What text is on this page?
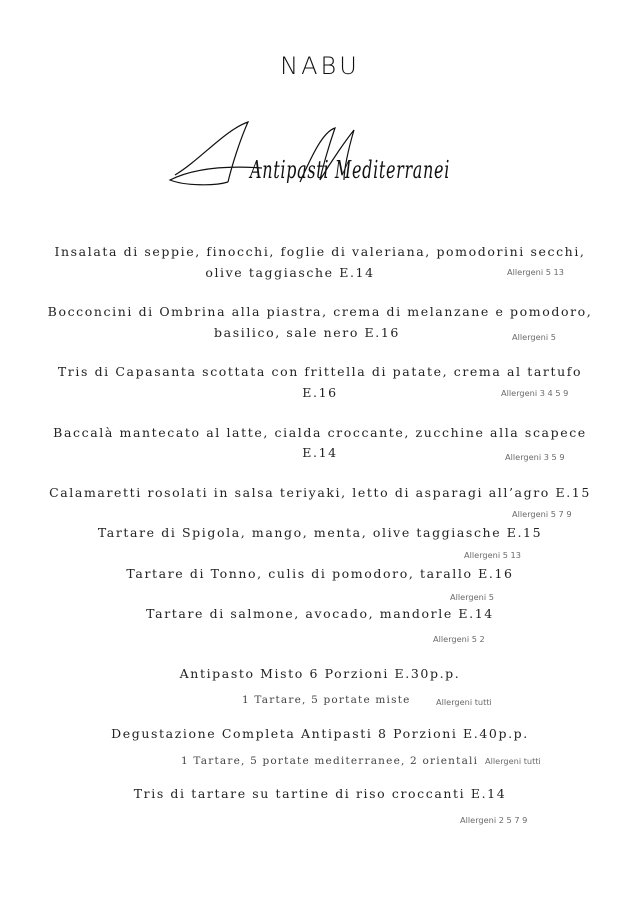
NABU
Antipasti Mediterranei
Insalata di seppie, finocchi, foglie di valeriana, pomodorini secchi,
olive taggiasche E.14	Allergeni 5 13
Bocconcini di Ombrina alla piastra, crema di melanzane e pomodoro,
basilico, sale nero E.16	Allergeni 5
Tris di Capasanta scottata con frittella di patate, crema al tartufo
E.16	Allergeni 3 4 5 9
Baccalà mantecato al latte, cialda croccante, zucchine alla scapece
E.14	Allergeni 3 5 9
Calamaretti rosolati in salsa teriyaki, letto di asparagi all’agro E.15
Allergeni 5 7 9
Tartare di Spigola, mango, menta, olive taggiasche E.15
Allergeni 5 13
Tartare di Tonno, culis di pomodoro, tarallo E.16
Allergeni 5
Tartare di salmone, avocado, mandorle E.14
Allergeni 5 2
Antipasto Misto 6 Porzioni E.30p.p.
1 Tartare, 5 portate miste	Allergeni tutti
Degustazione Completa Antipasti 8 Porzioni E.40p.p.
1 Tartare, 5 portate mediterranee, 2 orientali Allergeni tutti
Tris di tartare su tartine di riso croccanti E.14
Allergeni 2 5 7 9
